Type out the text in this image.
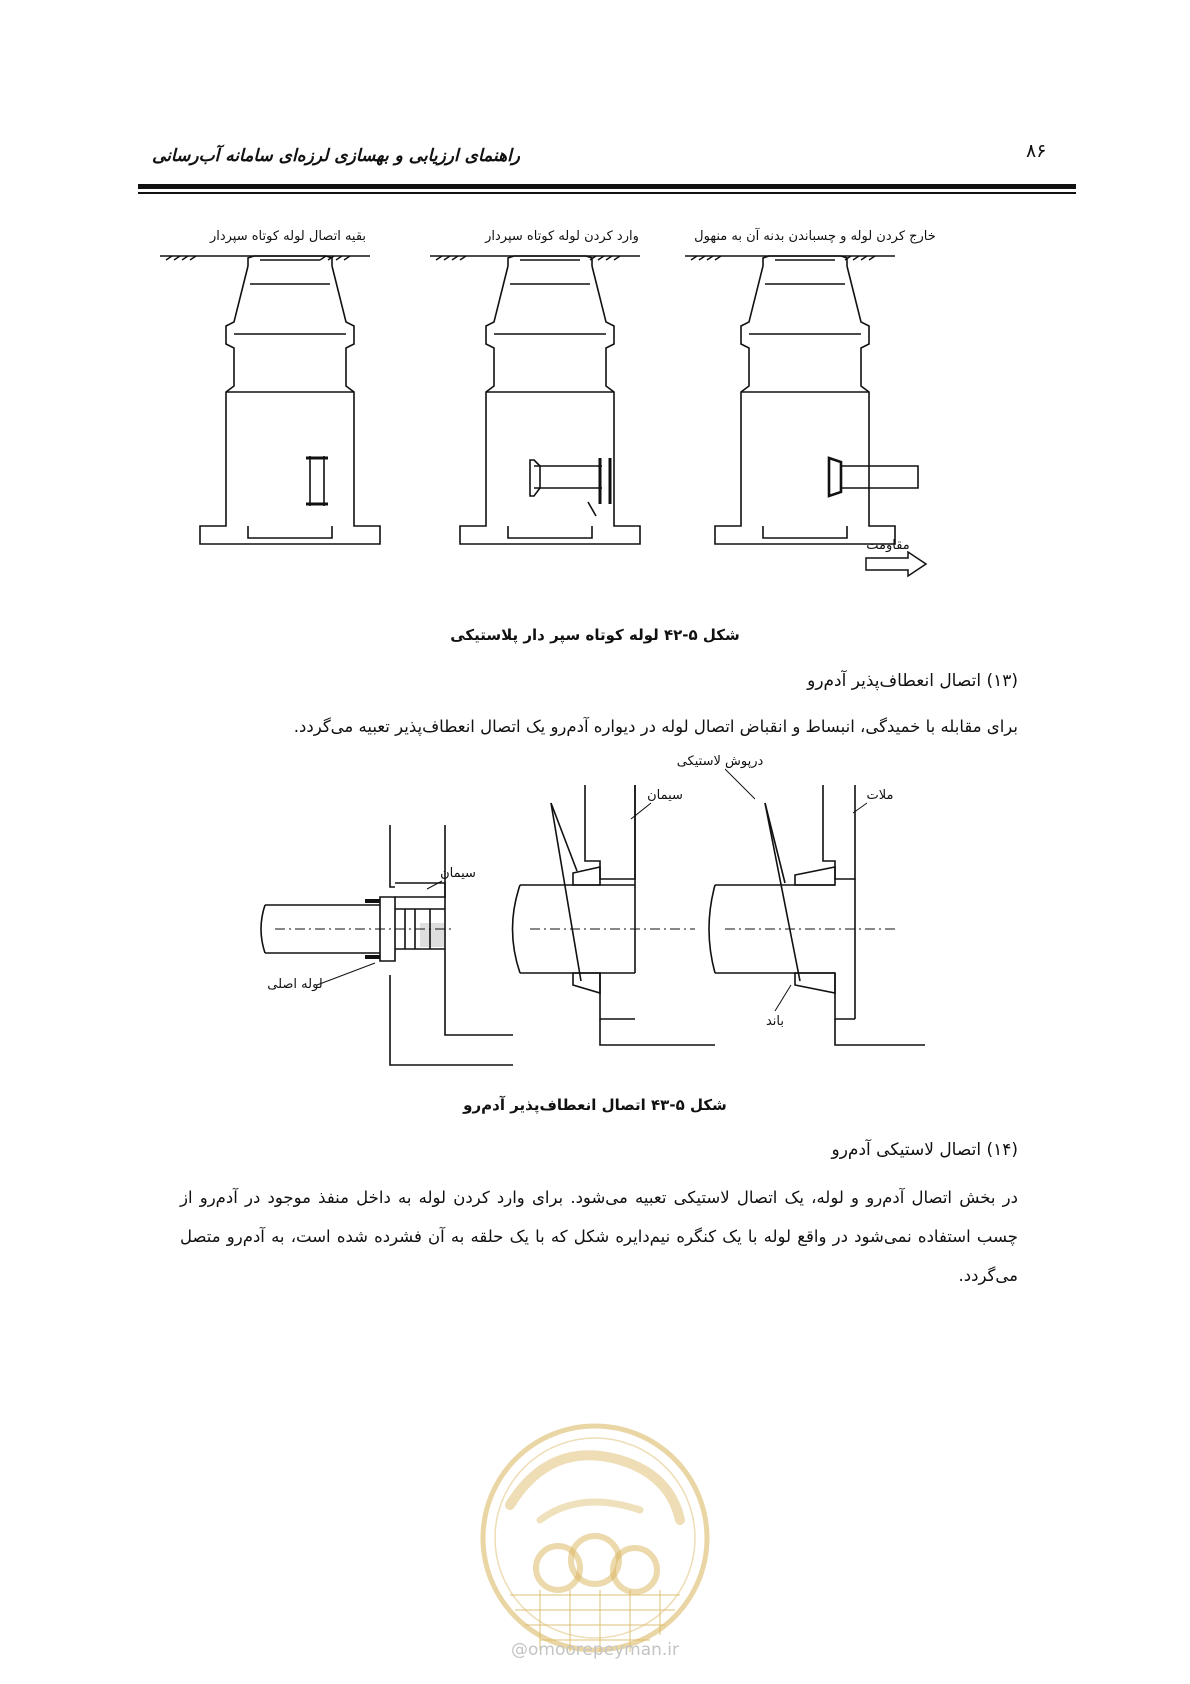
۸۶
راهنمای ارزیابی و بهسازی لرزه‌ای سامانه آب‌رسانی
بقیه اتصال لوله کوتاه سپردار	وارد کردن لوله کوتاه سپردار	خارج کردن لوله و چسباندن بدنه آن به منهول
مقاومت
شکل ۵-۴۲ لوله کوتاه سپر دار پلاستیکی
(۱۳) اتصال انعطاف‌پذیر آدم‌رو
برای مقابله با خمیدگی، انبساط و انقباض اتصال لوله در دیواره آدم‌رو یک اتصال انعطاف‌پذیر تعبیه می‌گردد.
سیمان
لوله اصلی
سیمان
درپوش لاستیکی
ملات
باند
شکل ۵-۴۳ اتصال انعطاف‌پذیر آدم‌رو
(۱۴) اتصال لاستیکی آدم‌رو
در بخش اتصال آدم‌رو و لوله، یک اتصال لاستیکی تعبیه می‌شود. برای وارد کردن لوله به داخل منفذ موجود در آدم‌رو از چسب استفاده نمی‌شود در واقع لوله با یک کنگره نیم‌دایره شکل که با یک حلقه به آن فشرده شده است، به آدم‌رو متصل می‌گردد.
@omoorepeyman.ir
